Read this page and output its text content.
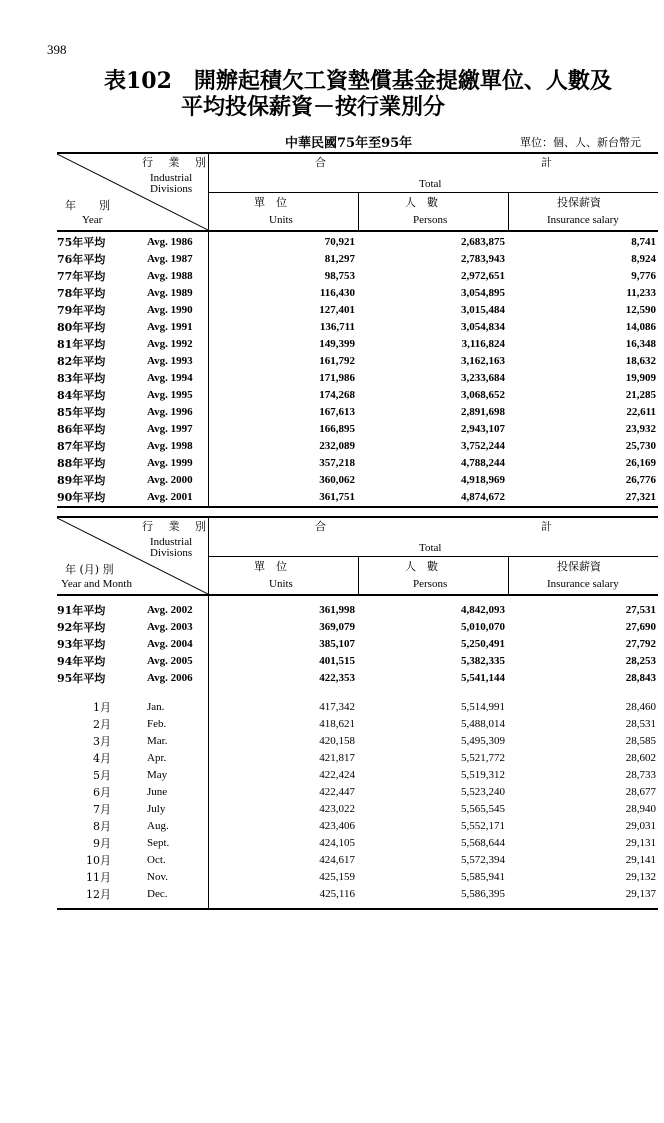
398
表102　開辦起積欠工資墊償基金提繳單位、人數及
平均投保薪資－按行業別分
中華民國75年至95年	單位：個、人、新台幣元
行 業 別
Industrial
Divisions
年　別
Year
合	計
Total
單　位
Units
人　數
Persons
投保薪資
Insurance salary
75年平均	Avg. 1986	70,921	2,683,875	8,741
76年平均	Avg. 1987	81,297	2,783,943	8,924
77年平均	Avg. 1988	98,753	2,972,651	9,776
78年平均	Avg. 1989	116,430	3,054,895	11,233
79年平均	Avg. 1990	127,401	3,015,484	12,590
80年平均	Avg. 1991	136,711	3,054,834	14,086
81年平均	Avg. 1992	149,399	3,116,824	16,348
82年平均	Avg. 1993	161,792	3,162,163	18,632
83年平均	Avg. 1994	171,986	3,233,684	19,909
84年平均	Avg. 1995	174,268	3,068,652	21,285
85年平均	Avg. 1996	167,613	2,891,698	22,611
86年平均	Avg. 1997	166,895	2,943,107	23,932
87年平均	Avg. 1998	232,089	3,752,244	25,730
88年平均	Avg. 1999	357,218	4,788,244	26,169
89年平均	Avg. 2000	360,062	4,918,969	26,776
90年平均	Avg. 2001	361,751	4,874,672	27,321
行 業 別
Industrial
Divisions
年 (月) 別
Year and Month
合	計
Total
單　位
Units
人　數
Persons
投保薪資
Insurance salary
91年平均	Avg. 2002	361,998	4,842,093	27,531
92年平均	Avg. 2003	369,079	5,010,070	27,690
93年平均	Avg. 2004	385,107	5,250,491	27,792
94年平均	Avg. 2005	401,515	5,382,335	28,253
95年平均	Avg. 2006	422,353	5,541,144	28,843
1月	Jan.	417,342	5,514,991	28,460
2月	Feb.	418,621	5,488,014	28,531
3月	Mar.	420,158	5,495,309	28,585
4月	Apr.	421,817	5,521,772	28,602
5月	May	422,424	5,519,312	28,733
6月	June	422,447	5,523,240	28,677
7月	July	423,022	5,565,545	28,940
8月	Aug.	423,406	5,552,171	29,031
9月	Sept.	424,105	5,568,644	29,131
10月	Oct.	424,617	5,572,394	29,141
11月	Nov.	425,159	5,585,941	29,132
12月	Dec.	425,116	5,586,395	29,137
